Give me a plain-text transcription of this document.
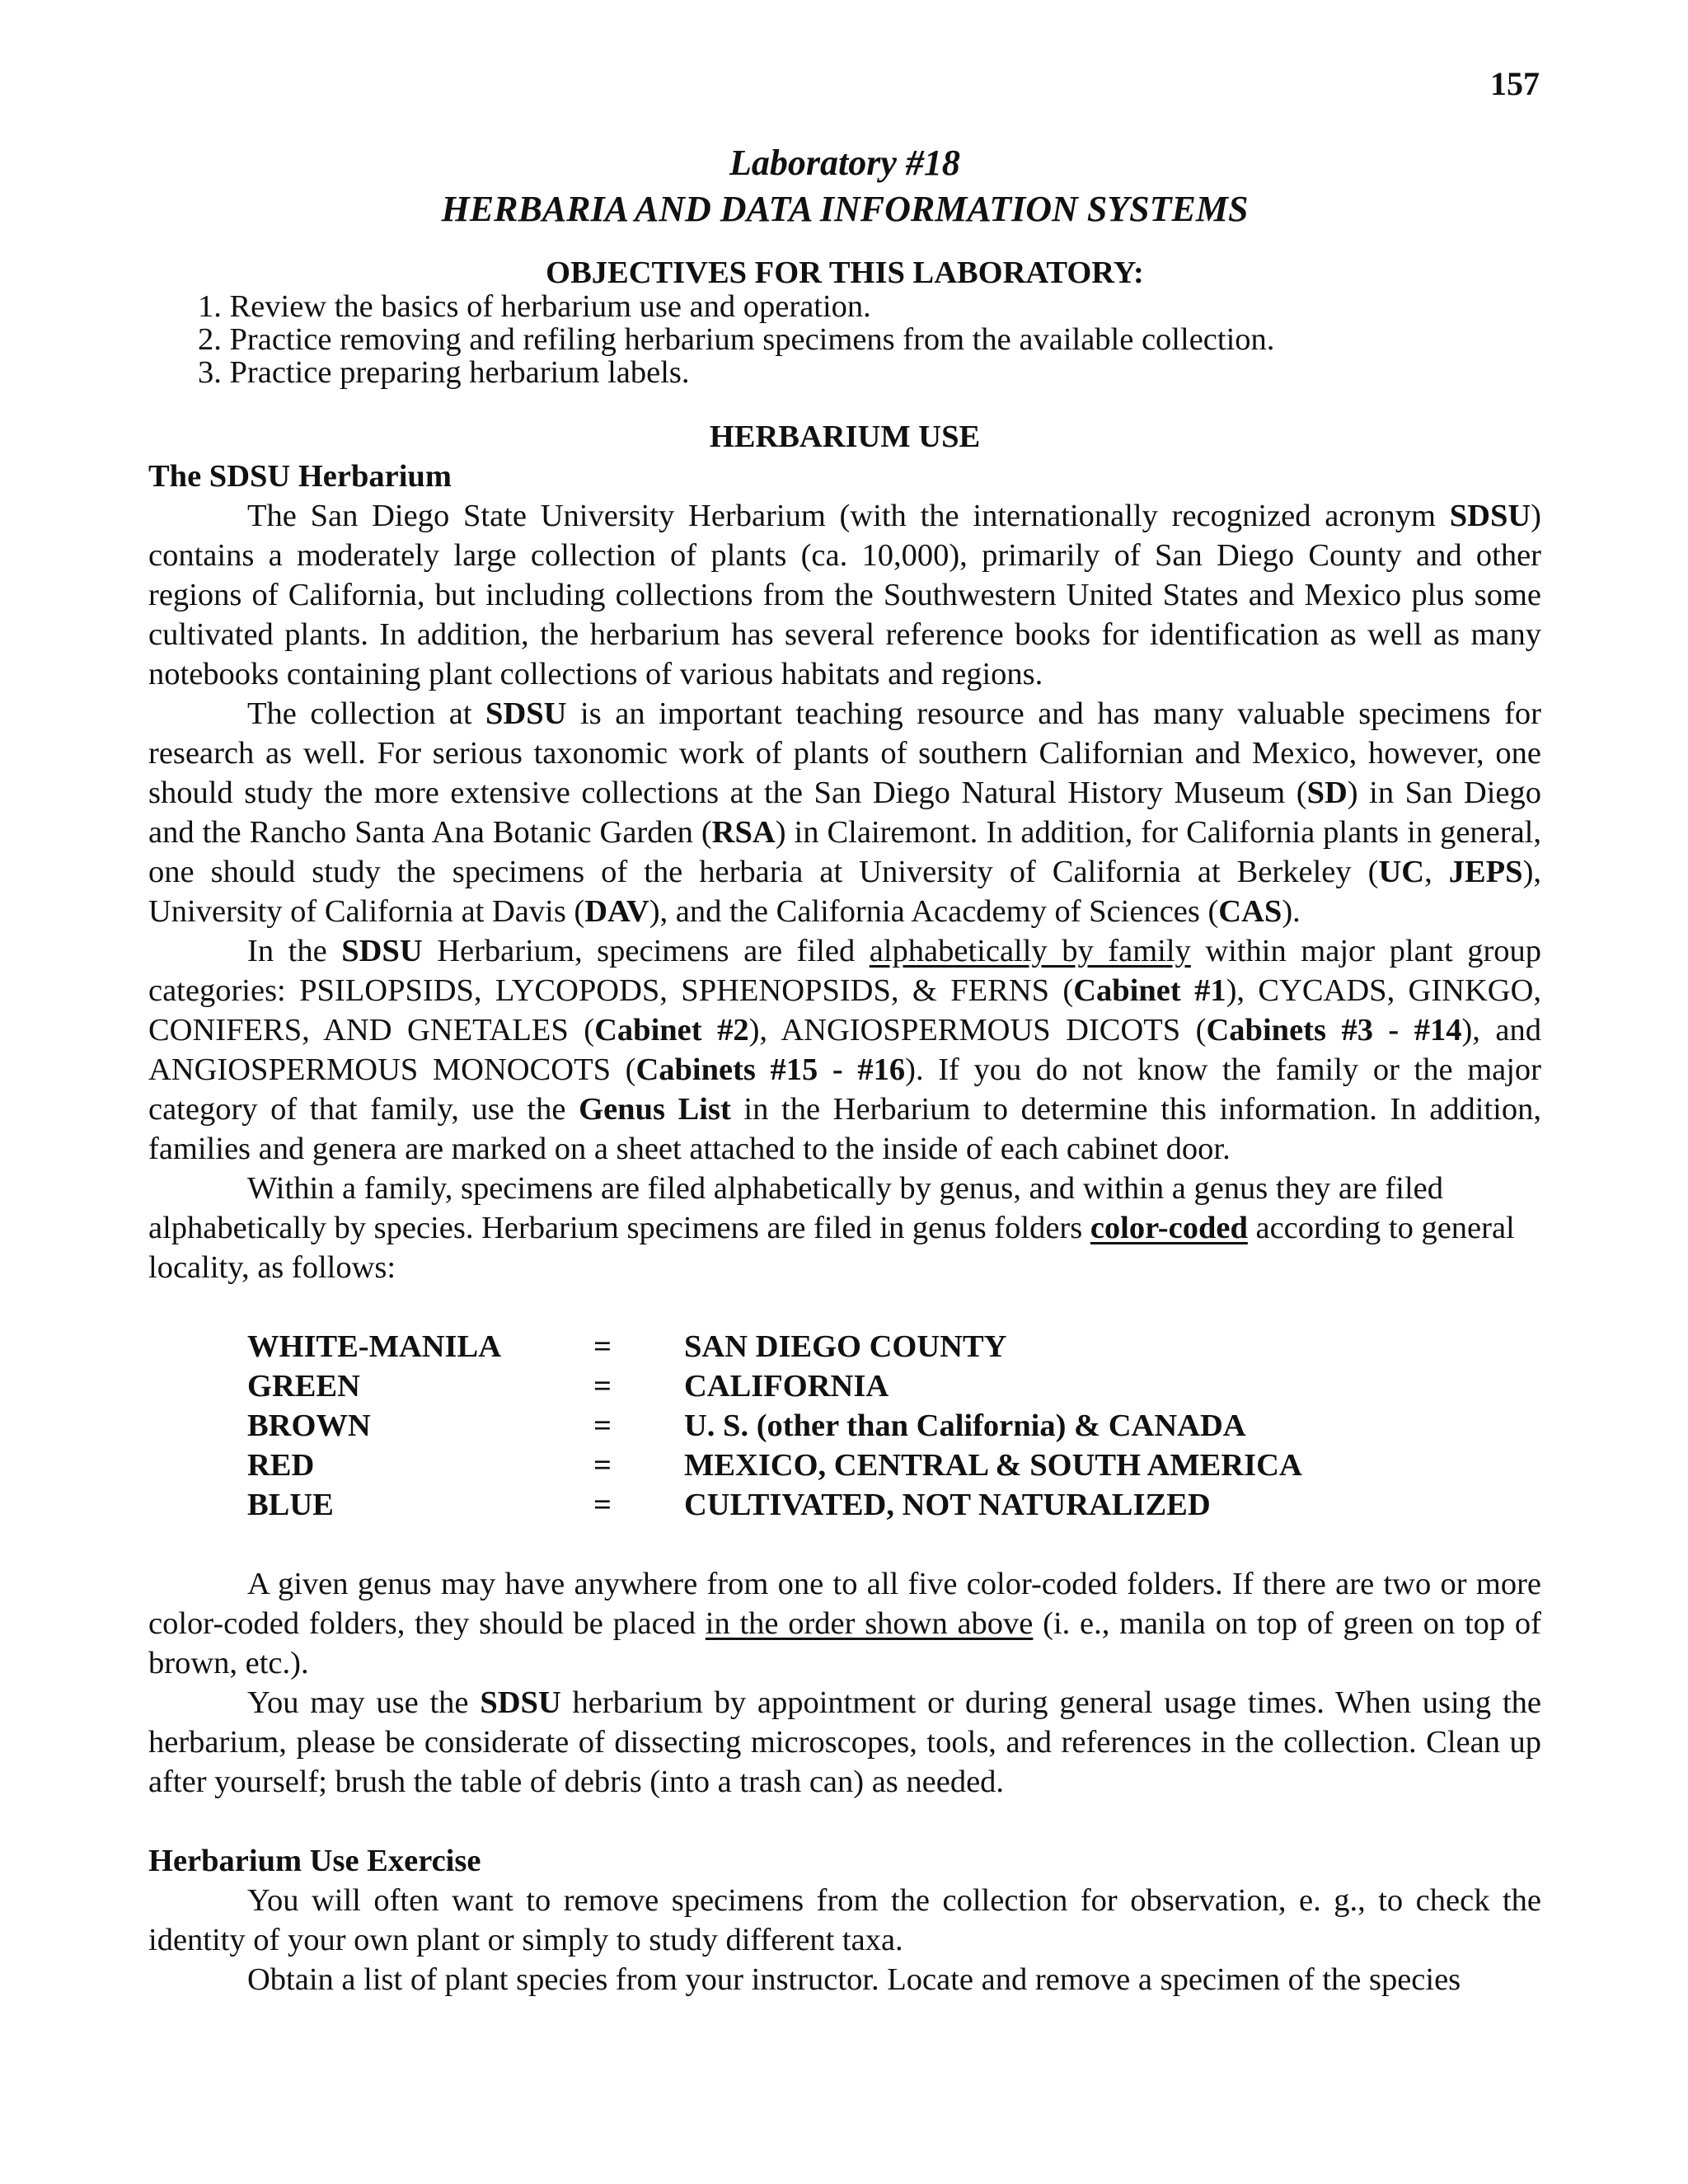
157
Laboratory #18
HERBARIA AND DATA INFORMATION SYSTEMS
OBJECTIVES FOR THIS LABORATORY:
1. Review the basics of herbarium use and operation.
2. Practice removing and refiling herbarium specimens from the available collection.
3. Practice preparing herbarium labels.
HERBARIUM USE
The SDSU Herbarium

The San Diego State University Herbarium (with the internationally recognized acronym SDSU) contains a moderately large collection of plants (ca. 10,000), primarily of San Diego County and other regions of California, but including collections from the Southwestern United States and Mexico plus some cultivated plants. In addition, the herbarium has several reference books for identification as well as many notebooks containing plant collections of various habitats and regions.

The collection at SDSU is an important teaching resource and has many valuable specimens for research as well. For serious taxonomic work of plants of southern Californian and Mexico, however, one should study the more extensive collections at the San Diego Natural History Museum (SD) in San Diego and the Rancho Santa Ana Botanic Garden (RSA) in Clairemont. In addition, for California plants in general, one should study the specimens of the herbaria at University of California at Berkeley (UC, JEPS), University of California at Davis (DAV), and the California Acacdemy of Sciences (CAS).

In the SDSU Herbarium, specimens are filed alphabetically by family within major plant group categories: PSILOPSIDS, LYCOPODS, SPHENOPSIDS, & FERNS (Cabinet #1), CYCADS, GINKGO, CONIFERS, AND GNETALES (Cabinet #2), ANGIOSPERMOUS DICOTS (Cabinets #3 - #14), and ANGIOSPERMOUS MONOCOTS (Cabinets #15 - #16). If you do not know the family or the major category of that family, use the Genus List in the Herbarium to determine this information. In addition, families and genera are marked on a sheet attached to the inside of each cabinet door.

Within a family, specimens are filed alphabetically by genus, and within a genus they are filed alphabetically by species. Herbarium specimens are filed in genus folders color-coded according to general locality, as follows:

WHITE-MANILA	=	SAN DIEGO COUNTY
GREEN	=	CALIFORNIA
BROWN	=	U. S. (other than California) & CANADA
RED	=	MEXICO, CENTRAL & SOUTH AMERICA
BLUE	=	CULTIVATED, NOT NATURALIZED

A given genus may have anywhere from one to all five color-coded folders. If there are two or more color-coded folders, they should be placed in the order shown above (i. e., manila on top of green on top of brown, etc.).

You may use the SDSU herbarium by appointment or during general usage times. When using the herbarium, please be considerate of dissecting microscopes, tools, and references in the collection. Clean up after yourself; brush the table of debris (into a trash can) as needed.

Herbarium Use Exercise

You will often want to remove specimens from the collection for observation, e. g., to check the identity of your own plant or simply to study different taxa.

Obtain a list of plant species from your instructor. Locate and remove a specimen of the species
